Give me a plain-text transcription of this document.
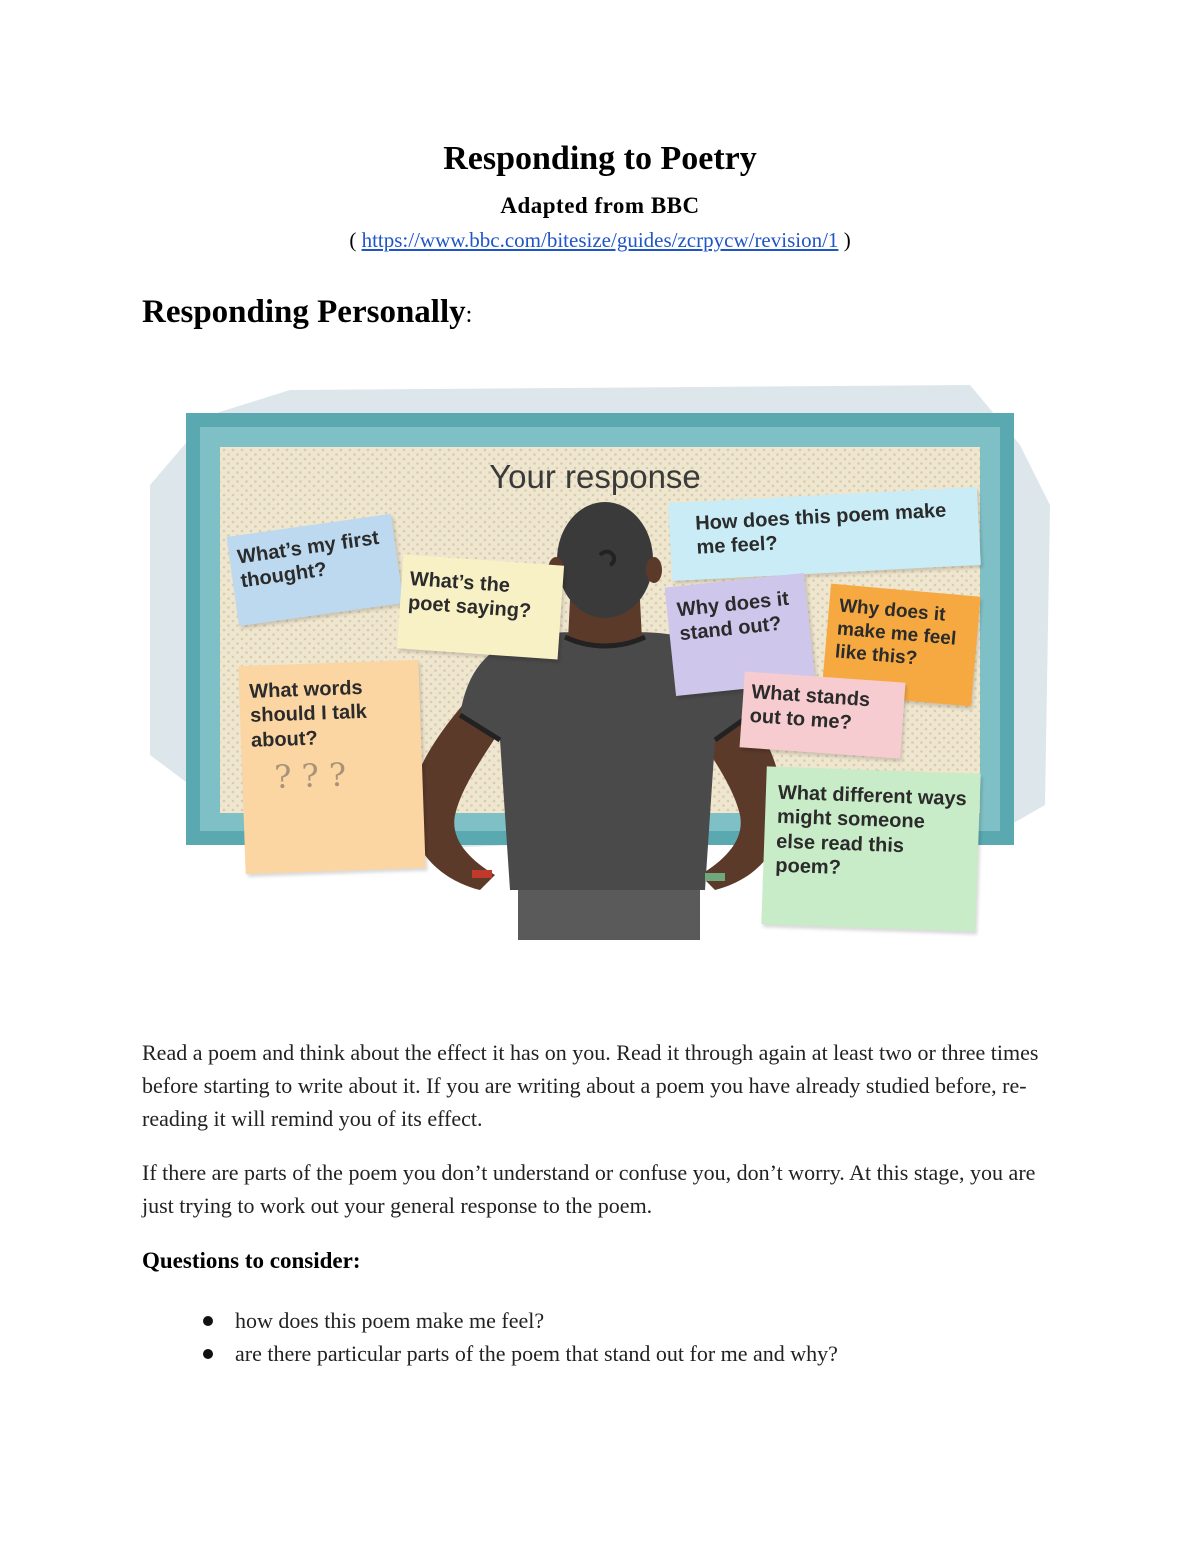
Responding to Poetry
Adapted from BBC
( https://www.bbc.com/bitesize/guides/zcrpycw/revision/1 )
Responding Personally:
Your response
What’s my first thought?	What’s the poet saying?
How does this poem make me feel?
Why does it stand out?
Why does it make me feel like this?
What stands out to me?
What words should I talk about?
? ? ?	What different ways might someone else read this poem?
Read a poem and think about the effect it has on you. Read it through again at least two or three times before starting to write about it. If you are writing about a poem you have already studied before, re-reading it will remind you of its effect.
If there are parts of the poem you don’t understand or confuse you, don’t worry. At this stage, you are just trying to work out your general response to the poem.
Questions to consider:
how does this poem make me feel?
are there particular parts of the poem that stand out for me and why?
